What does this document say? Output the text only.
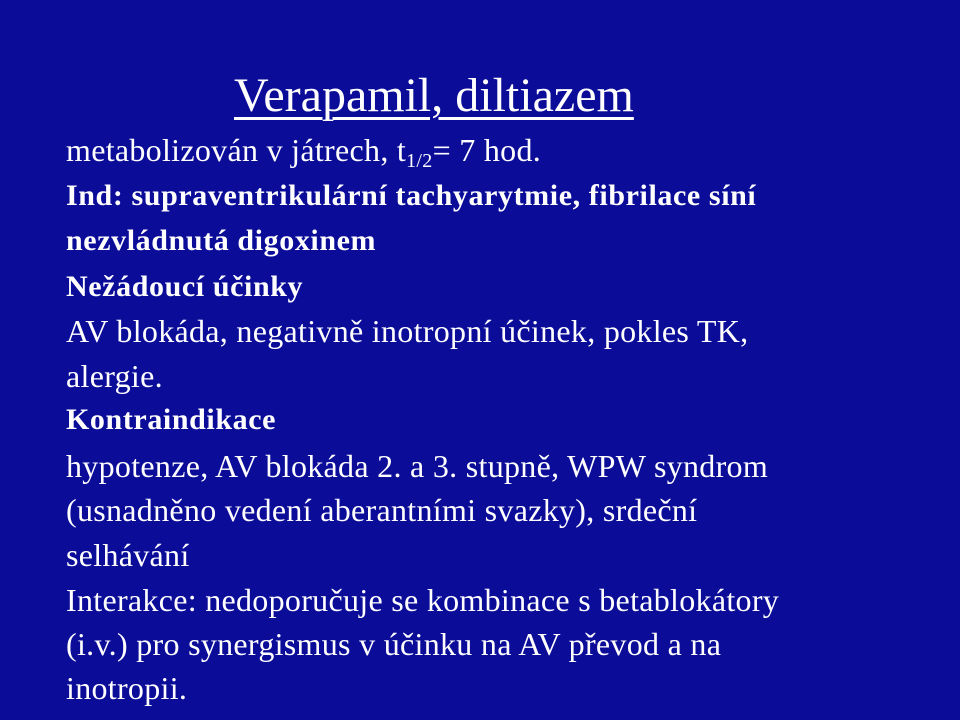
Verapamil, diltiazem
metabolizován v játrech, $t_{1/2}= 7$ hod.
Ind: supraventrikulární tachyarytmie, fibrilace síní
nezvládnutá digoxinem
Nežádoucí účinky
AV blokáda, negativně inotropní účinek, pokles TK,
alergie.
Kontraindikace
hypotenze, AV blokáda 2. a 3. stupně, WPW syndrom
(usnadněno vedení aberantními svazky), srdeční
selhávání
Interakce: nedoporučuje se kombinace s betablokátory
(i.v.) pro synergismus v účinku na AV převod a na
inotropii.
